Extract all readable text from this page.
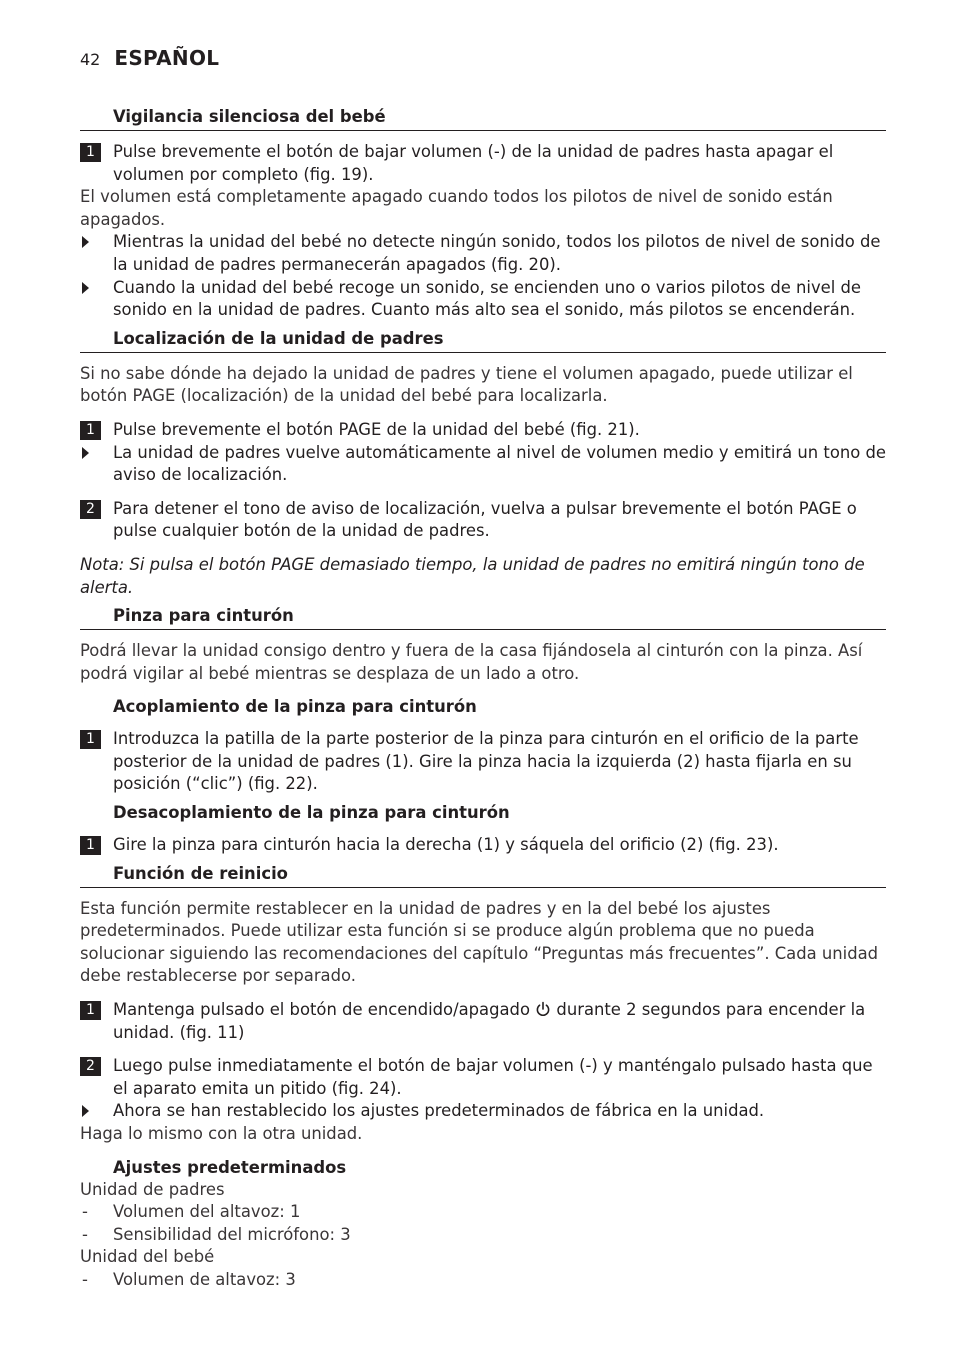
42 ESPAÑOL
Vigilancia silenciosa del bebé
1	Pulse brevemente el botón de bajar volumen (-) de la unidad de padres hasta apagar el volumen por completo (fig. 19).
El volumen está completamente apagado cuando todos los pilotos de nivel de sonido están apagados.
Mientras la unidad del bebé no detecte ningún sonido, todos los pilotos de nivel de sonido de la unidad de padres permanecerán apagados (fig. 20).
Cuando la unidad del bebé recoge un sonido, se encienden uno o varios pilotos de nivel de sonido en la unidad de padres. Cuanto más alto sea el sonido, más pilotos se encenderán.
Localización de la unidad de padres
Si no sabe dónde ha dejado la unidad de padres y tiene el volumen apagado, puede utilizar el botón PAGE (localización) de la unidad del bebé para localizarla.
1	Pulse brevemente el botón PAGE de la unidad del bebé (fig. 21).
La unidad de padres vuelve automáticamente al nivel de volumen medio y emitirá un tono de aviso de localización.
2	Para detener el tono de aviso de localización, vuelva a pulsar brevemente el botón PAGE o pulse cualquier botón de la unidad de padres.
Nota: Si pulsa el botón PAGE demasiado tiempo, la unidad de padres no emitirá ningún tono de alerta.
Pinza para cinturón
Podrá llevar la unidad consigo dentro y fuera de la casa fijándosela al cinturón con la pinza. Así podrá vigilar al bebé mientras se desplaza de un lado a otro.
Acoplamiento de la pinza para cinturón
1	Introduzca la patilla de la parte posterior de la pinza para cinturón en el orificio de la parte posterior de la unidad de padres (1). Gire la pinza hacia la izquierda (2) hasta fijarla en su posición (“clic”) (fig. 22).
Desacoplamiento de la pinza para cinturón
1	Gire la pinza para cinturón hacia la derecha (1) y sáquela del orificio (2) (fig. 23).
Función de reinicio
Esta función permite restablecer en la unidad de padres y en la del bebé los ajustes predeterminados. Puede utilizar esta función si se produce algún problema que no pueda solucionar siguiendo las recomendaciones del capítulo “Preguntas más frecuentes”. Cada unidad debe restablecerse por separado.
1	Mantenga pulsado el botón de encendido/apagado durante 2 segundos para encender la unidad. (fig. 11)
2	Luego pulse inmediatamente el botón de bajar volumen (-) y manténgalo pulsado hasta que el aparato emita un pitido (fig. 24).
Ahora se han restablecido los ajustes predeterminados de fábrica en la unidad.
Haga lo mismo con la otra unidad.
Ajustes predeterminados
Unidad de padres
- Volumen del altavoz: 1
- Sensibilidad del micrófono: 3
Unidad del bebé
- Volumen de altavoz: 3
